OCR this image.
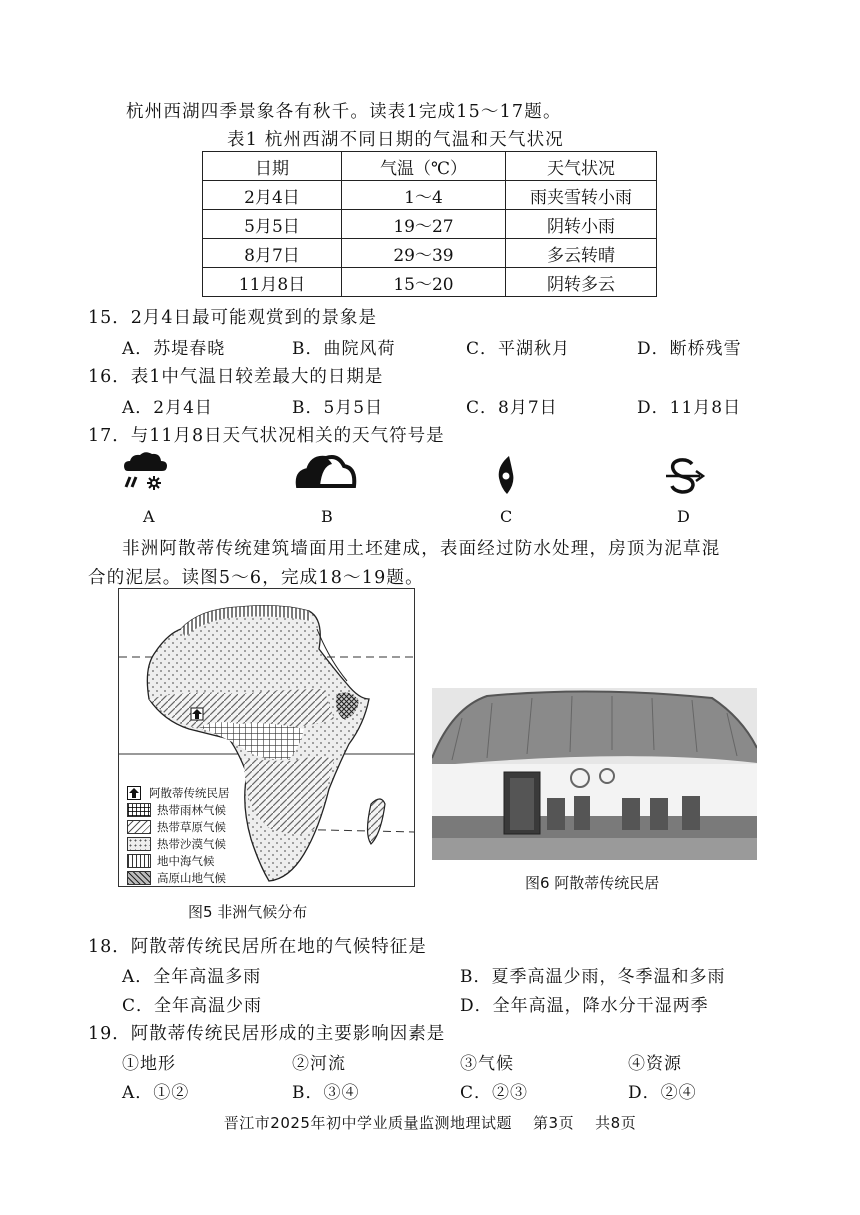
杭州西湖四季景象各有秋千。读表1完成15～17题。
表1 杭州西湖不同日期的气温和天气状况
日期	气温（℃）	天气状况
2月4日	1～4	雨夹雪转小雨
5月5日	19～27	阴转小雨
8月7日	29～39	多云转晴
11月8日	15～20	阴转多云
15．2月4日最可能观赏到的景象是
A．苏堤春晓	B．曲院风荷	C．平湖秋月	D．断桥残雪
16．表1中气温日较差最大的日期是
A．2月4日	B．5月5日	C．8月7日	D．11月8日
17．与11月8日天气状况相关的天气符号是
A	B	C	D
非洲阿散蒂传统建筑墙面用土坯建成，表面经过防水处理，房顶为泥草混
合的泥层。读图5～6，完成18～19题。
阿散蒂传统民居
热带雨林气候
热带草原气候
热带沙漠气候
地中海气候
高原山地气候
图5 非洲气候分布
图6 阿散蒂传统民居
18．阿散蒂传统民居所在地的气候特征是
A．全年高温多雨	B．夏季高温少雨，冬季温和多雨
C．全年高温少雨	D．全年高温，降水分干湿两季
19．阿散蒂传统民居形成的主要影响因素是
①地形	②河流	③气候	④资源
A．①②	B．③④	C．②③	D．②④
晋江市2025年初中学业质量监测地理试题    第3页    共8页
